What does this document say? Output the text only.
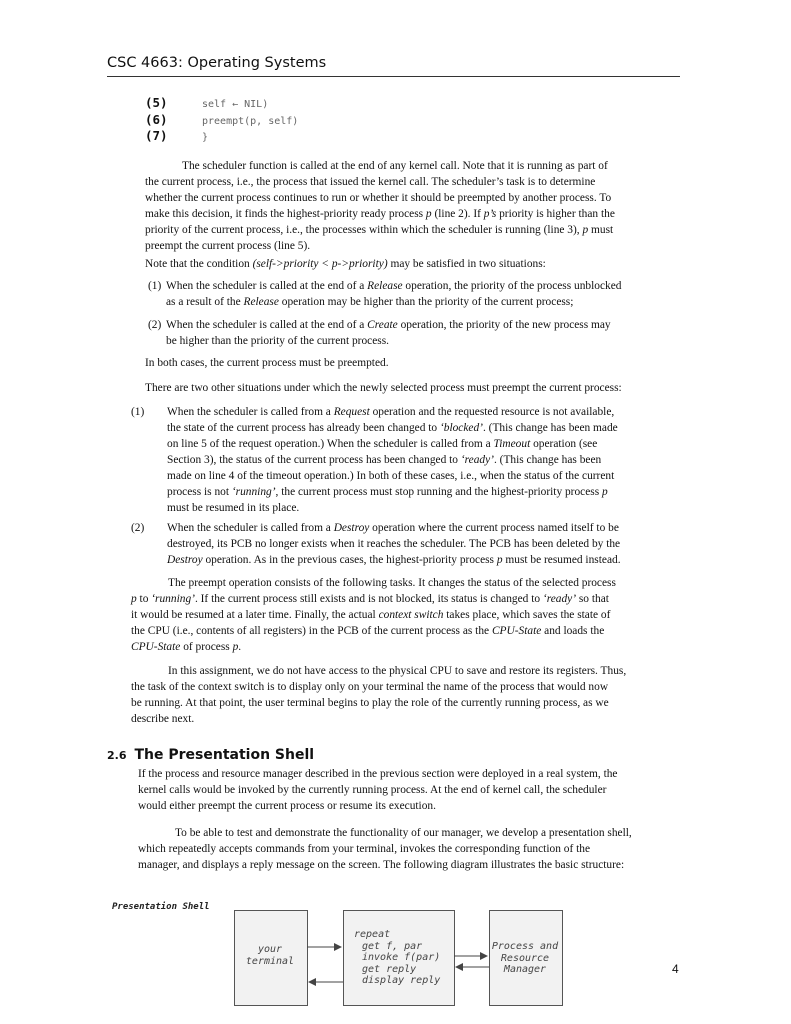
CSC 4663: Operating Systems
(5)	self ← NIL)
(6)	preempt(p, self)
(7)	}

The scheduler function is called at the end of any kernel call. Note that it is running as part of

the current process, i.e., the process that issued the kernel call. The scheduler’s task is to determine

whether the current process continues to run or whether it should be preempted by another process. To

make this decision, it finds the highest-priority ready process p (line 2). If p’s priority is higher than the

priority of the current process, i.e., the processes within which the scheduler is running (line 3), p must

preempt the current process (line 5).

Note that the condition (self->priority < p->priority) may be satisfied in two situations:

(1) When the scheduler is called at the end of a Release operation, the priority of the process unblocked

as a result of the Release operation may be higher than the priority of the current process;

(2) When the scheduler is called at the end of a Create operation, the priority of the new process may

be higher than the priority of the current process.

In both cases, the current process must be preempted.

There are two other situations under which the newly selected process must preempt the current process:

(1) When the scheduler is called from a Request operation and the requested resource is not available,

the state of the current process has already been changed to ‘blocked’. (This change has been made

on line 5 of the request operation.) When the scheduler is called from a Timeout operation (see

Section 3), the status of the current process has been changed to ‘ready’. (This change has been

made on line 4 of the timeout operation.) In both of these cases, i.e., when the status of the current

process is not ‘running’, the current process must stop running and the highest-priority process p

must be resumed in its place.

(2) When the scheduler is called from a Destroy operation where the current process named itself to be

destroyed, its PCB no longer exists when it reaches the scheduler. The PCB has been deleted by the

Destroy operation. As in the previous cases, the highest-priority process p must be resumed instead.

The preempt operation consists of the following tasks. It changes the status of the selected process

p to ‘running’. If the current process still exists and is not blocked, its status is changed to ‘ready’ so that

it would be resumed at a later time. Finally, the actual context switch takes place, which saves the state of

the CPU (i.e., contents of all registers) in the PCB of the current process as the CPU-State and loads the

CPU-State of process p.

In this assignment, we do not have access to the physical CPU to save and restore its registers. Thus,

the task of the context switch is to display only on your terminal the name of the process that would now

be running. At that point, the user terminal begins to play the role of the currently running process, as we

describe next.

2.6 The Presentation Shell

If the process and resource manager described in the previous section were deployed in a real system, the

kernel calls would be invoked by the currently running process. At the end of kernel call, the scheduler

would either preempt the current process or resume its execution.

To be able to test and demonstrate the functionality of our manager, we develop a presentation shell,

which repeatedly accepts commands from your terminal, invokes the corresponding function of the

manager, and displays a reply message on the screen. The following diagram illustrates the basic structure:

Presentation Shell
your
terminal
repeat
get f, par
invoke f(par)
get reply
display reply
Process and
Resource
Manager	4
